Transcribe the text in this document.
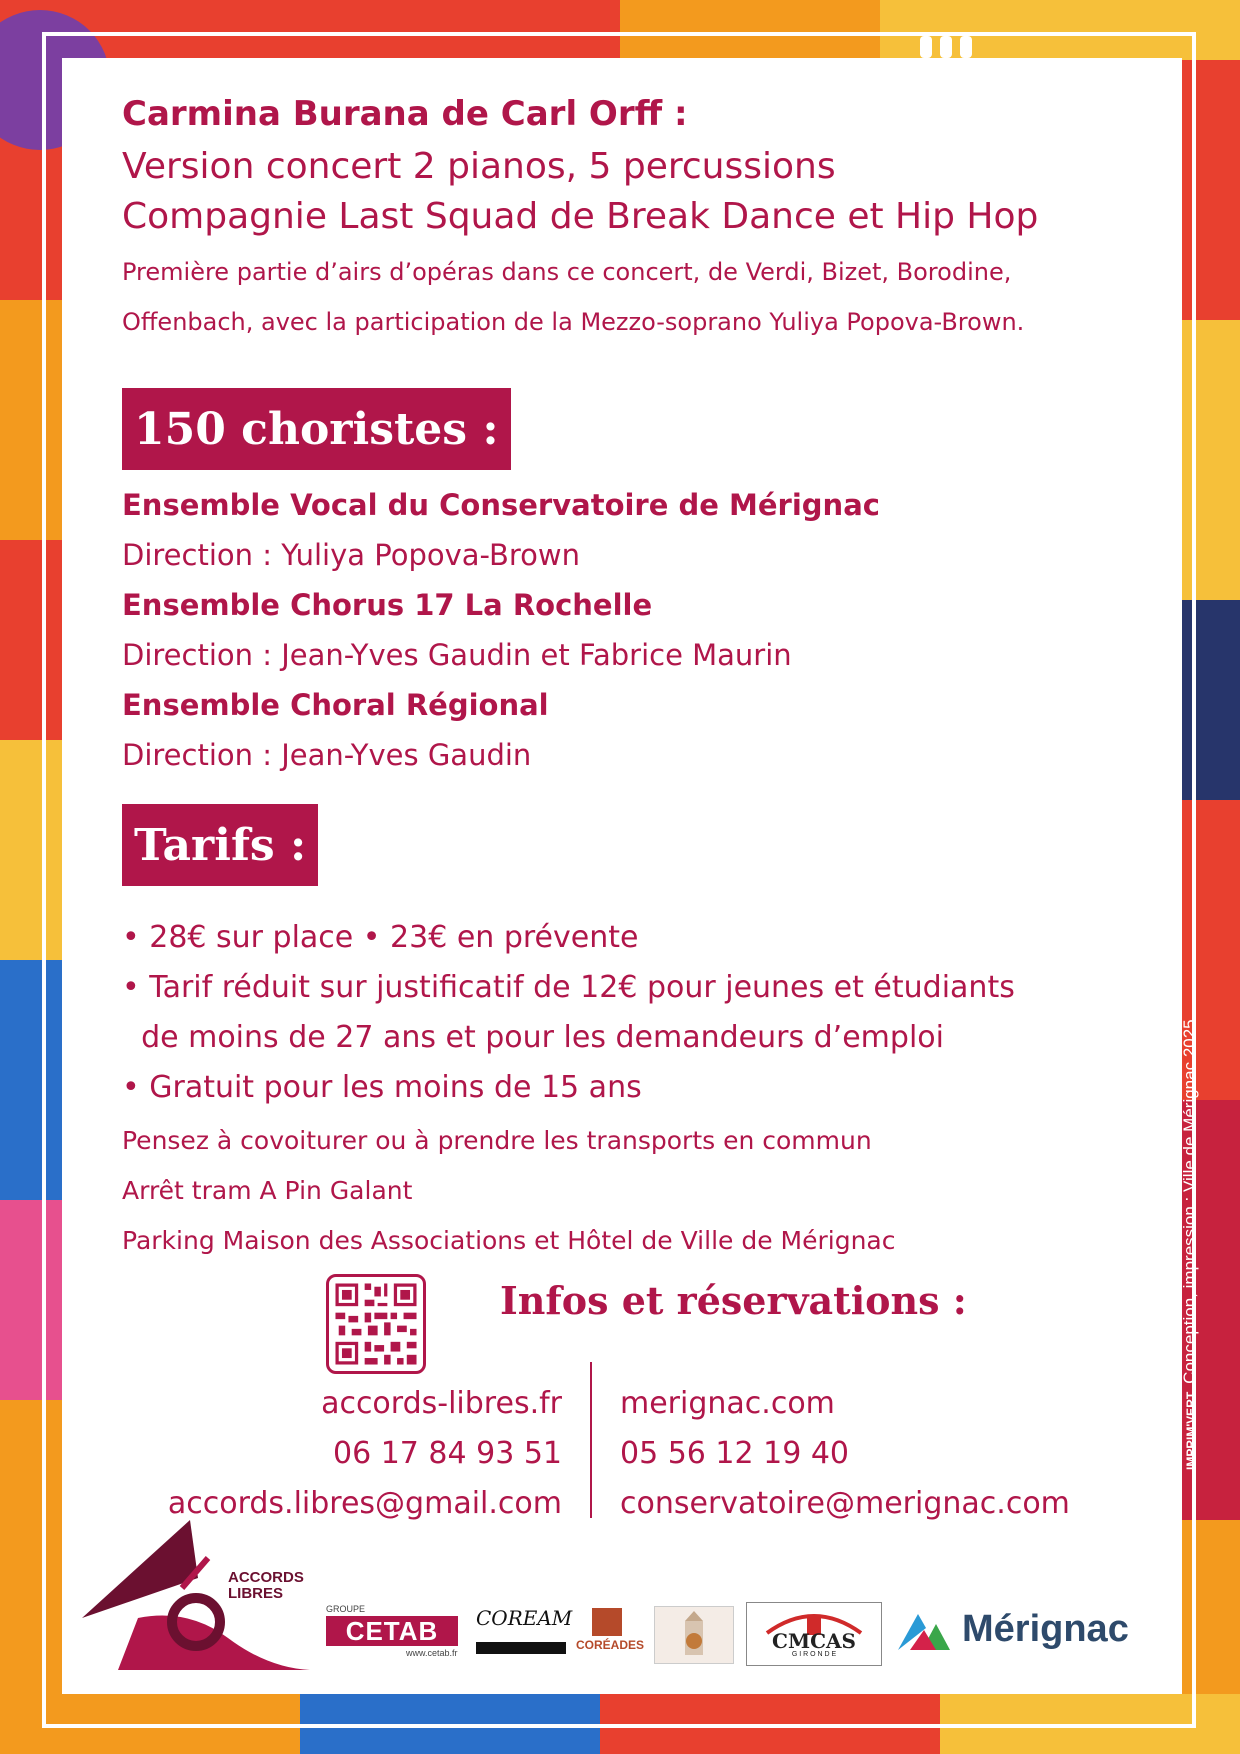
Carmina Burana de Carl Orff :
Version concert 2 pianos, 5 percussions
Compagnie Last Squad de Break Dance et Hip Hop
Première partie d’airs d’opéras dans ce concert, de Verdi, Bizet, Borodine,
Offenbach, avec la participation de la Mezzo-soprano Yuliya Popova-Brown.
150 choristes :
Ensemble Vocal du Conservatoire de Mérignac
Direction : Yuliya Popova-Brown
Ensemble Chorus 17 La Rochelle
Direction : Jean-Yves Gaudin et Fabrice Maurin
Ensemble Choral Régional
Direction : Jean-Yves Gaudin
Tarifs :
• 28€ sur place • 23€ en prévente
• Tarif réduit sur justificatif de 12€ pour jeunes et étudiants
de moins de 27 ans et pour les demandeurs d’emploi
• Gratuit pour les moins de 15 ans
Pensez à covoiturer ou à prendre les transports en commun
Arrêt tram A Pin Galant
Parking Maison des Associations et Hôtel de Ville de Mérignac
Infos et réservations :
accords-libres.fr
06 17 84 93 51
accords.libres@gmail.com
merignac.com
05 56 12 19 40
conservatoire@merignac.com
IMPRIM'VERTConception, impression : Ville de Mérignac 2025
ACCORDS
LIBRES
GROUPE
CETAB
www.cetab.fr
COREAM
CORÉADES	CMCAS
G I R O N D E
Mérignac
